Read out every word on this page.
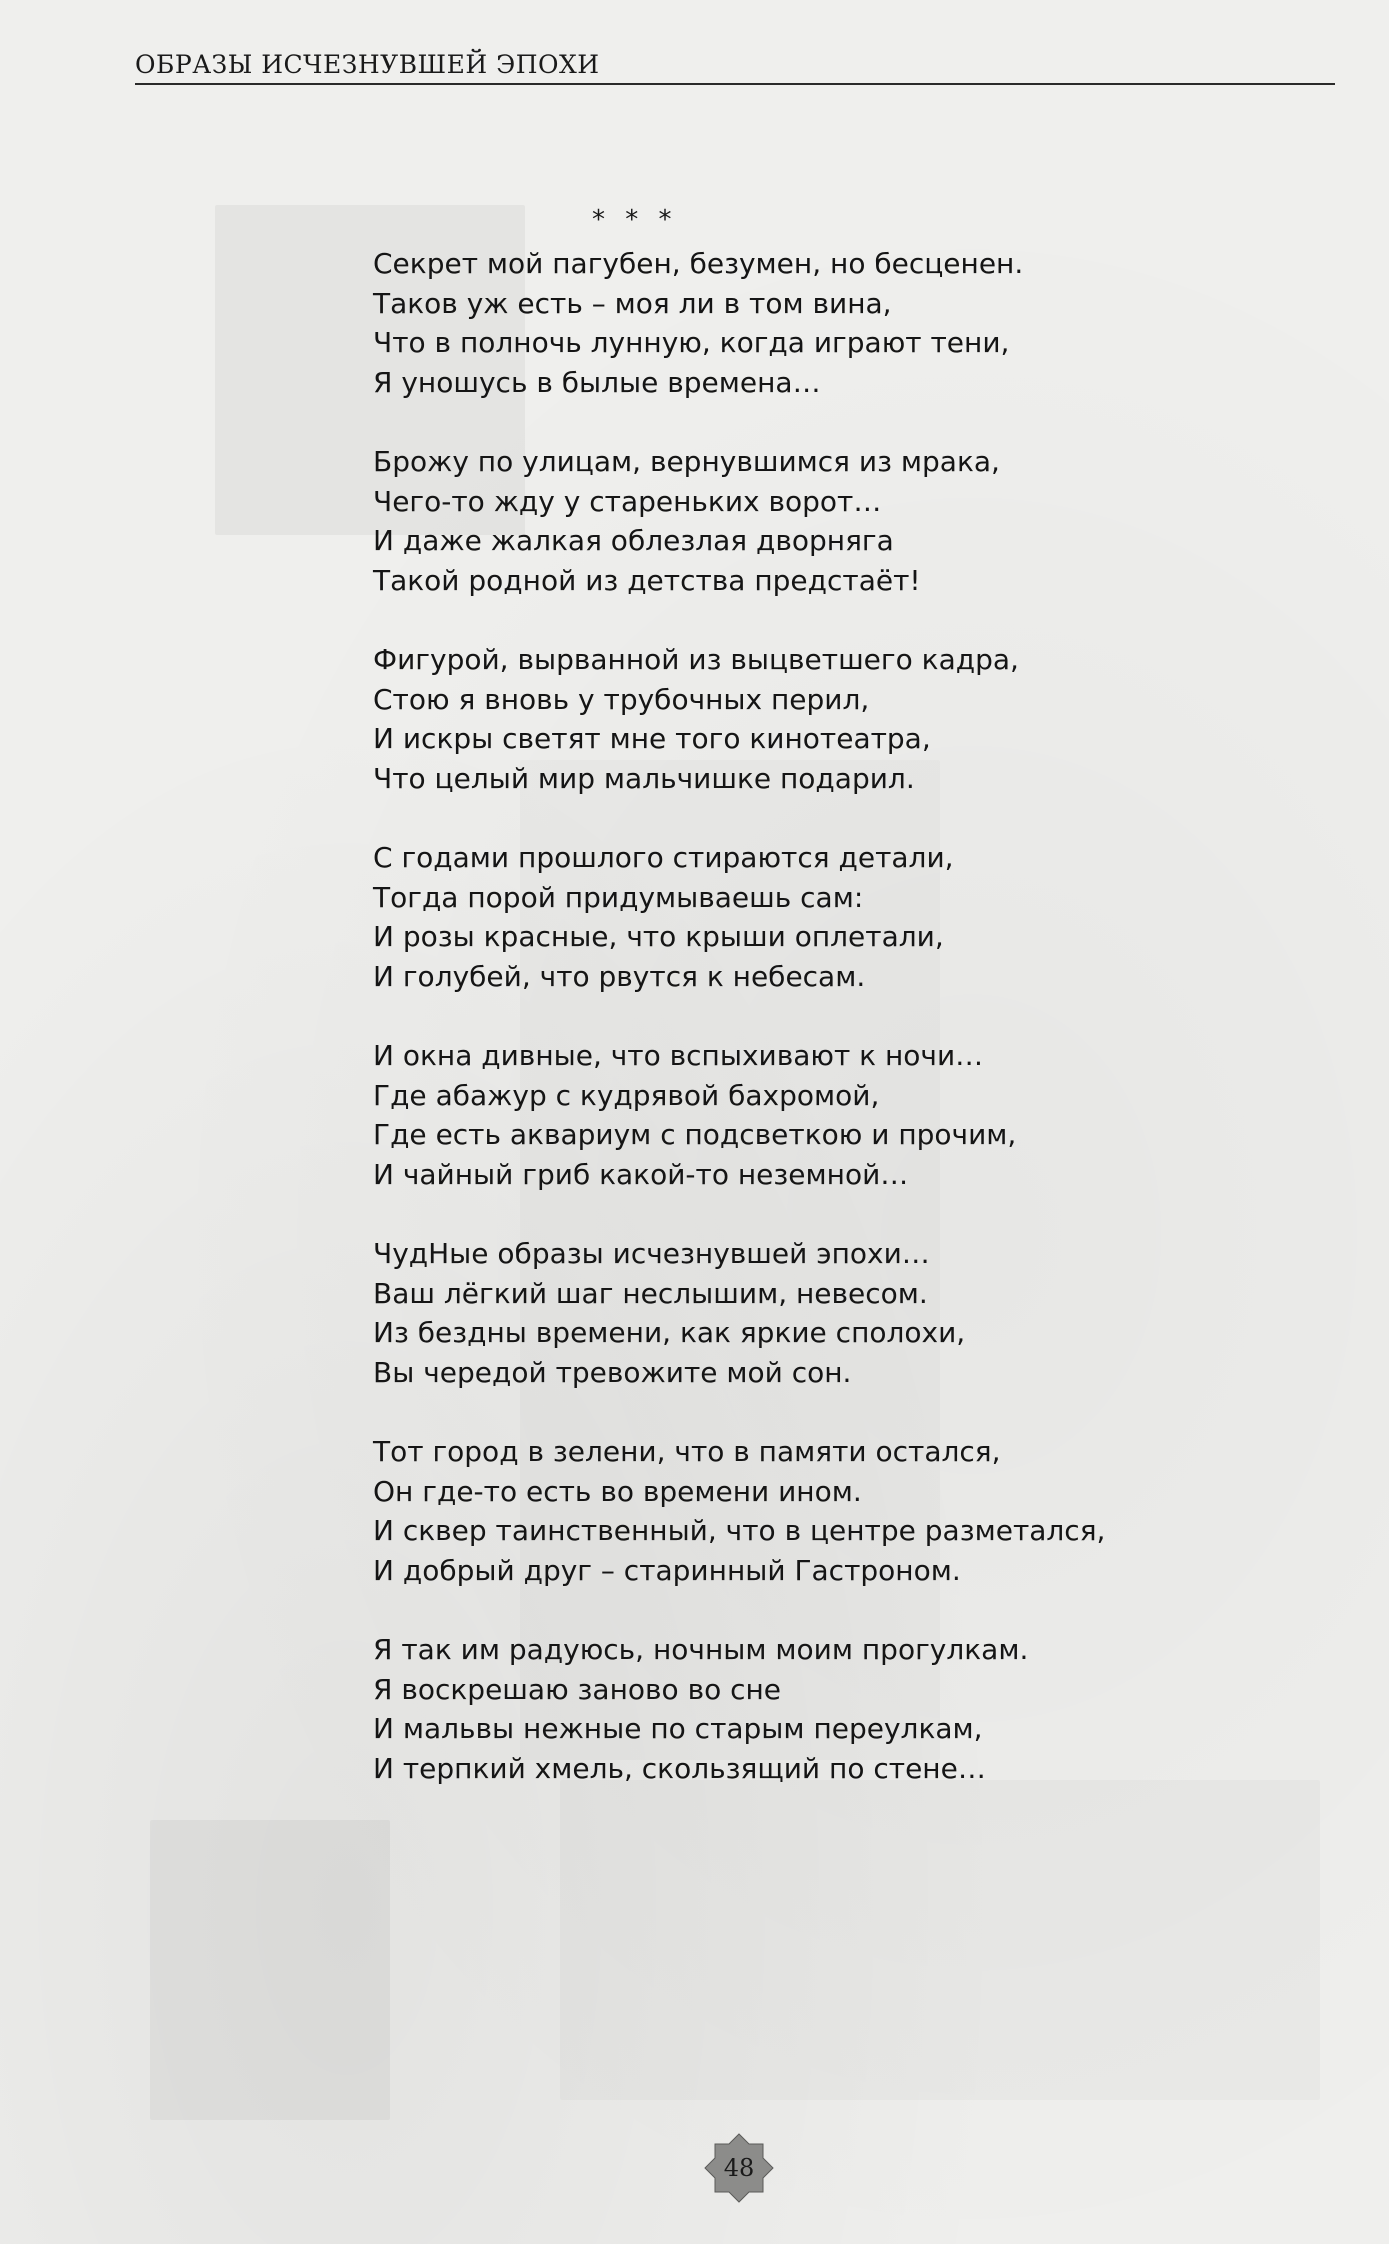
ОБРАЗЫ ИСЧЕЗНУВШЕЙ ЭПОХИ
* * *
Секрет мой пагубен, безумен, но бесценен.
Таков уж есть – моя ли в том вина,
Что в полночь лунную, когда играют тени,
Я уношусь в былые времена…
Брожу по улицам, вернувшимся из мрака,
Чего-то жду у стареньких ворот…
И даже жалкая облезлая дворняга
Такой родной из детства предстаёт!
Фигурой, вырванной из выцветшего кадра,
Стою я вновь у трубочных перил,
И искры светят мне того кинотеатра,
Что целый мир мальчишке подарил.
С годами прошлого стираются детали,
Тогда порой придумываешь сам:
И розы красные, что крыши оплетали,
И голубей, что рвутся к небесам.
И окна дивные, что вспыхивают к ночи…
Где абажур с кудрявой бахромой,
Где есть аквариум с подсветкою и прочим,
И чайный гриб какой-то неземной…
ЧудНые образы исчезнувшей эпохи…
Ваш лёгкий шаг неслышим, невесом.
Из бездны времени, как яркие сполохи,
Вы чередой тревожите мой сон.
Тот город в зелени, что в памяти остался,
Он где-то есть во времени ином.
И сквер таинственный, что в центре разметался,
И добрый друг – старинный Гастроном.
Я так им радуюсь, ночным моим прогулкам.
Я воскрешаю заново во сне
И мальвы нежные по старым переулкам,
И терпкий хмель, скользящий по стене…
48
